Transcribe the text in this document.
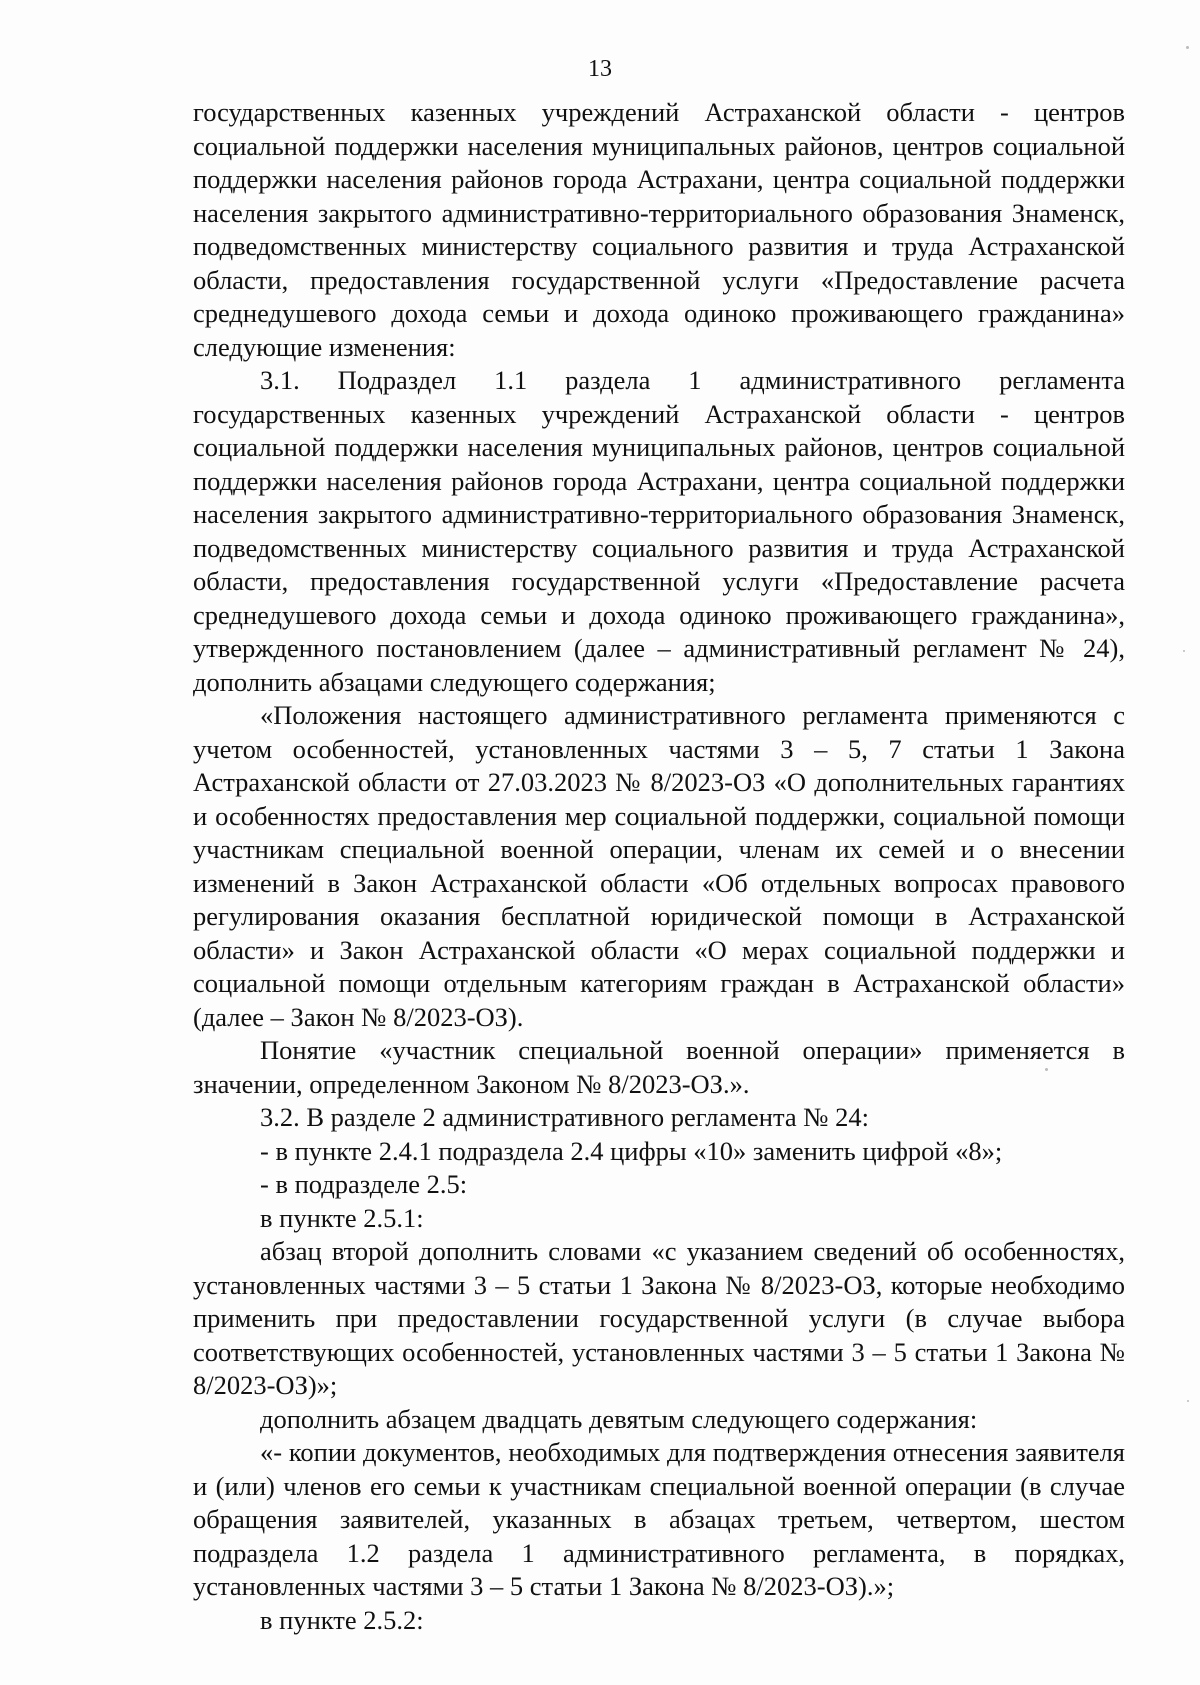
13

государственных казенных учреждений Астраханской области - центров социальной поддержки населения муниципальных районов, центров социальной поддержки населения районов города Астрахани, центра социальной поддержки населения закрытого административно-территориального образования Знаменск, подведомственных министерству социального развития и труда Астраханской области, предоставления государственной услуги «Предоставление расчета среднедушевого дохода семьи и дохода одиноко проживающего гражданина» следующие изменения:

3.1. Подраздел 1.1 раздела 1 административного регламента государственных казенных учреждений Астраханской области - центров социальной поддержки населения муниципальных районов, центров социальной поддержки населения районов города Астрахани, центра социальной поддержки населения закрытого административно-территориального образования Знаменск, подведомственных министерству социального развития и труда Астраханской области, предоставления государственной услуги «Предоставление расчета среднедушевого дохода семьи и дохода одиноко проживающего гражданина», утвержденного постановлением (далее – административный регламент № 24), дополнить абзацами следующего содержания;

«Положения настоящего административного регламента применяются с учетом особенностей, установленных частями 3 – 5, 7 статьи 1 Закона Астраханской области от 27.03.2023 № 8/2023-ОЗ «О дополнительных гарантиях и особенностях предоставления мер социальной поддержки, социальной помощи участникам специальной военной операции, членам их семей и о внесении изменений в Закон Астраханской области «Об отдельных вопросах правового регулирования оказания бесплатной юридической помощи в Астраханской области» и Закон Астраханской области «О мерах социальной поддержки и социальной помощи отдельным категориям граждан в Астраханской области» (далее – Закон № 8/2023-ОЗ).

Понятие «участник специальной военной операции» применяется в значении, определенном Законом № 8/2023-ОЗ.».

3.2. В разделе 2 административного регламента № 24:

- в пункте 2.4.1 подраздела 2.4 цифры «10» заменить цифрой «8»;

- в подразделе 2.5:

в пункте 2.5.1:

абзац второй дополнить словами «с указанием сведений об особенностях, установленных частями 3 – 5 статьи 1 Закона № 8/2023-ОЗ, которые необходимо применить при предоставлении государственной услуги (в случае выбора соответствующих особенностей, установленных частями 3 – 5 статьи 1 Закона № 8/2023-ОЗ)»;

дополнить абзацем двадцать девятым следующего содержания:

«- копии документов, необходимых для подтверждения отнесения заявителя и (или) членов его семьи к участникам специальной военной операции (в случае обращения заявителей, указанных в абзацах третьем, четвертом, шестом подраздела 1.2 раздела 1 административного регламента, в порядках, установленных частями 3 – 5 статьи 1 Закона № 8/2023-ОЗ).»;

в пункте 2.5.2:
